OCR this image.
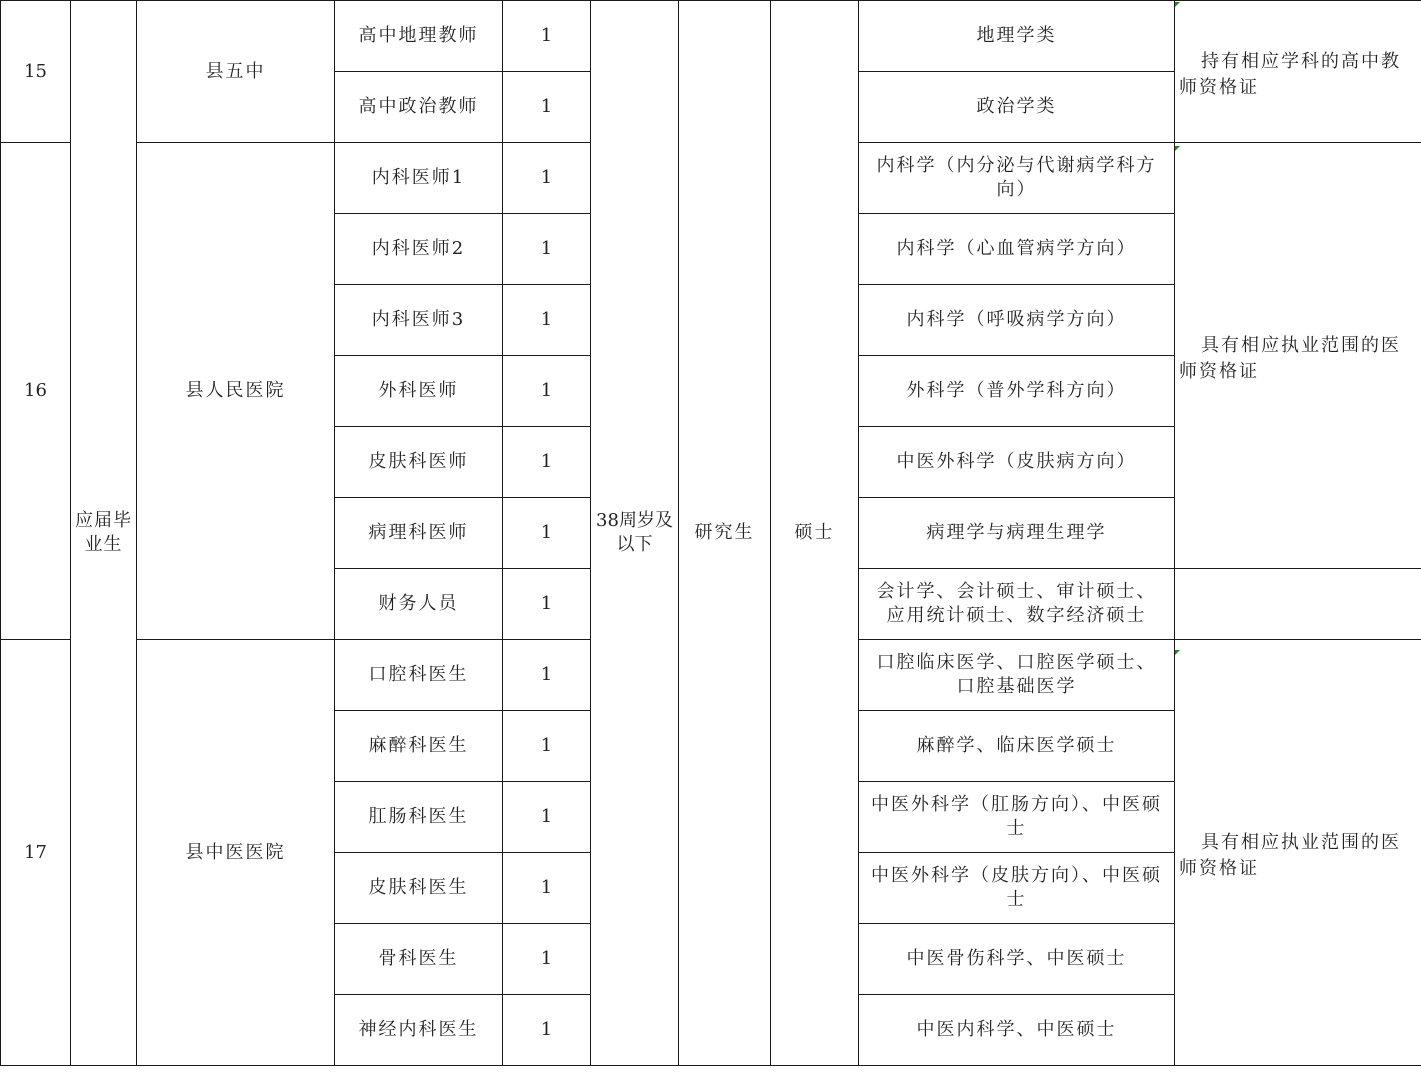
15	应届毕业生	县五中	高中地理教师	1	38周岁及以下	研究生	硕士	地理学类	持有相应学科的高中教师资格证
			高中政治教师	1				政治学类	
16		县人民医院	内科医师1	1				内科学（内分泌与代谢病学科方向）	具有相应执业范围的医师资格证
			内科医师2	1				内科学（心血管病学方向）	
			内科医师3	1				内科学（呼吸病学方向）	
			外科医师	1				外科学（普外学科方向）	
			皮肤科医师	1				中医外科学（皮肤病方向）	
			病理科医师	1				病理学与病理生理学	
			财务人员	1				会计学、会计硕士、审计硕士、应用统计硕士、数字经济硕士	
17		县中医医院	口腔科医生	1				口腔临床医学、口腔医学硕士、口腔基础医学	具有相应执业范围的医师资格证
			麻醉科医生	1				麻醉学、临床医学硕士	
			肛肠科医生	1				中医外科学（肛肠方向）、中医硕士	
			皮肤科医生	1				中医外科学（皮肤方向）、中医硕士	
			骨科医生	1				中医骨伤科学、中医硕士	
			神经内科医生	1				中医内科学、中医硕士	
